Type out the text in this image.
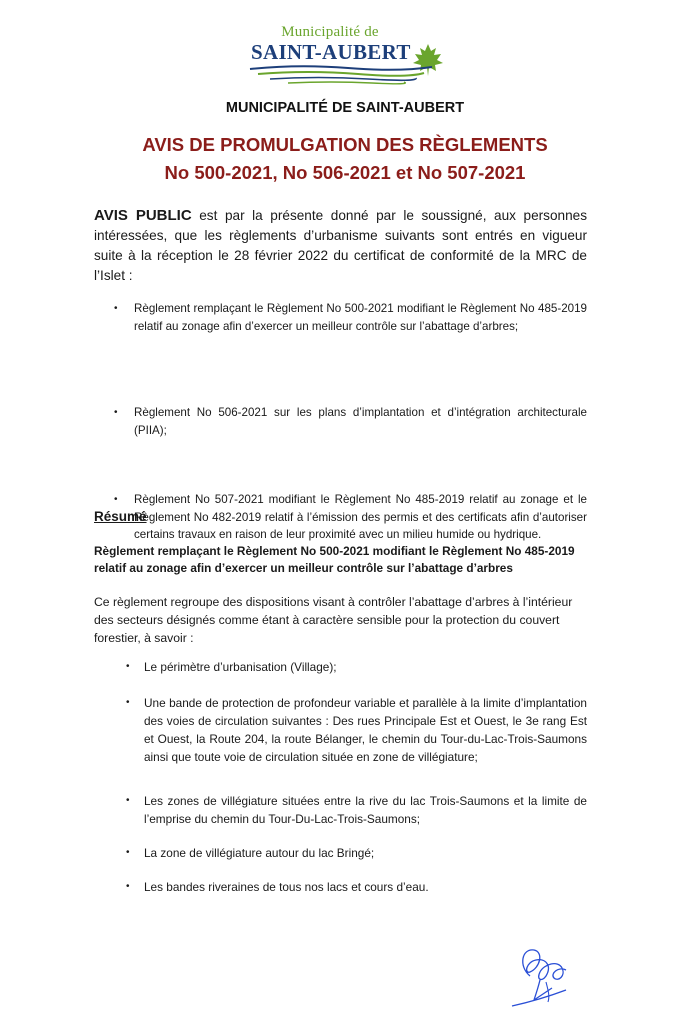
Municipalité de
SAINT-AUBERT
MUNICIPALITÉ DE SAINT-AUBERT
AVIS DE PROMULGATION DES RÈGLEMENTS
No 500-2021, No 506-2021 et No 507-2021

AVIS PUBLIC est par la présente donné par le soussigné, aux personnes intéressées, que les règlements d’urbanisme suivants sont entrés en vigueur suite à la réception le 28 février 2022 du certificat de conformité de la MRC de l’Islet :

• Règlement remplaçant le Règlement No 500-2021 modifiant le Règlement No 485-2019 relatif au zonage afin d’exercer un meilleur contrôle sur l’abattage d’arbres;
• Règlement No 506-2021 sur les plans d’implantation et d’intégration architecturale (PIIA);
• Règlement No 507-2021 modifiant le Règlement No 485-2019 relatif au zonage et le Règlement No 482-2019 relatif à l’émission des permis et des certificats afin d’autoriser certains travaux en raison de leur proximité avec un milieu humide ou hydrique.
Résumé
Règlement remplaçant le Règlement No 500-2021 modifiant le Règlement No 485-2019 relatif au zonage afin d’exercer un meilleur contrôle sur l’abattage d’arbres

Ce règlement regroupe des dispositions visant à contrôler l’abattage d’arbres à l’intérieur des secteurs désignés comme étant à caractère sensible pour la protection du couvert forestier, à savoir :

• Le périmètre d’urbanisation (Village);
• Une bande de protection de profondeur variable et parallèle à la limite d’implantation des voies de circulation suivantes : Des rues Principale Est et Ouest, le 3e rang Est et Ouest, la Route 204, la route Bélanger, le chemin du Tour-du-Lac-Trois-Saumons ainsi que toute voie de circulation située en zone de villégiature;
• Les zones de villégiature situées entre la rive du lac Trois-Saumons et la limite de l’emprise du chemin du Tour-Du-Lac-Trois-Saumons;
• La zone de villégiature autour du lac Bringé;
• Les bandes riveraines de tous nos lacs et cours d’eau.
